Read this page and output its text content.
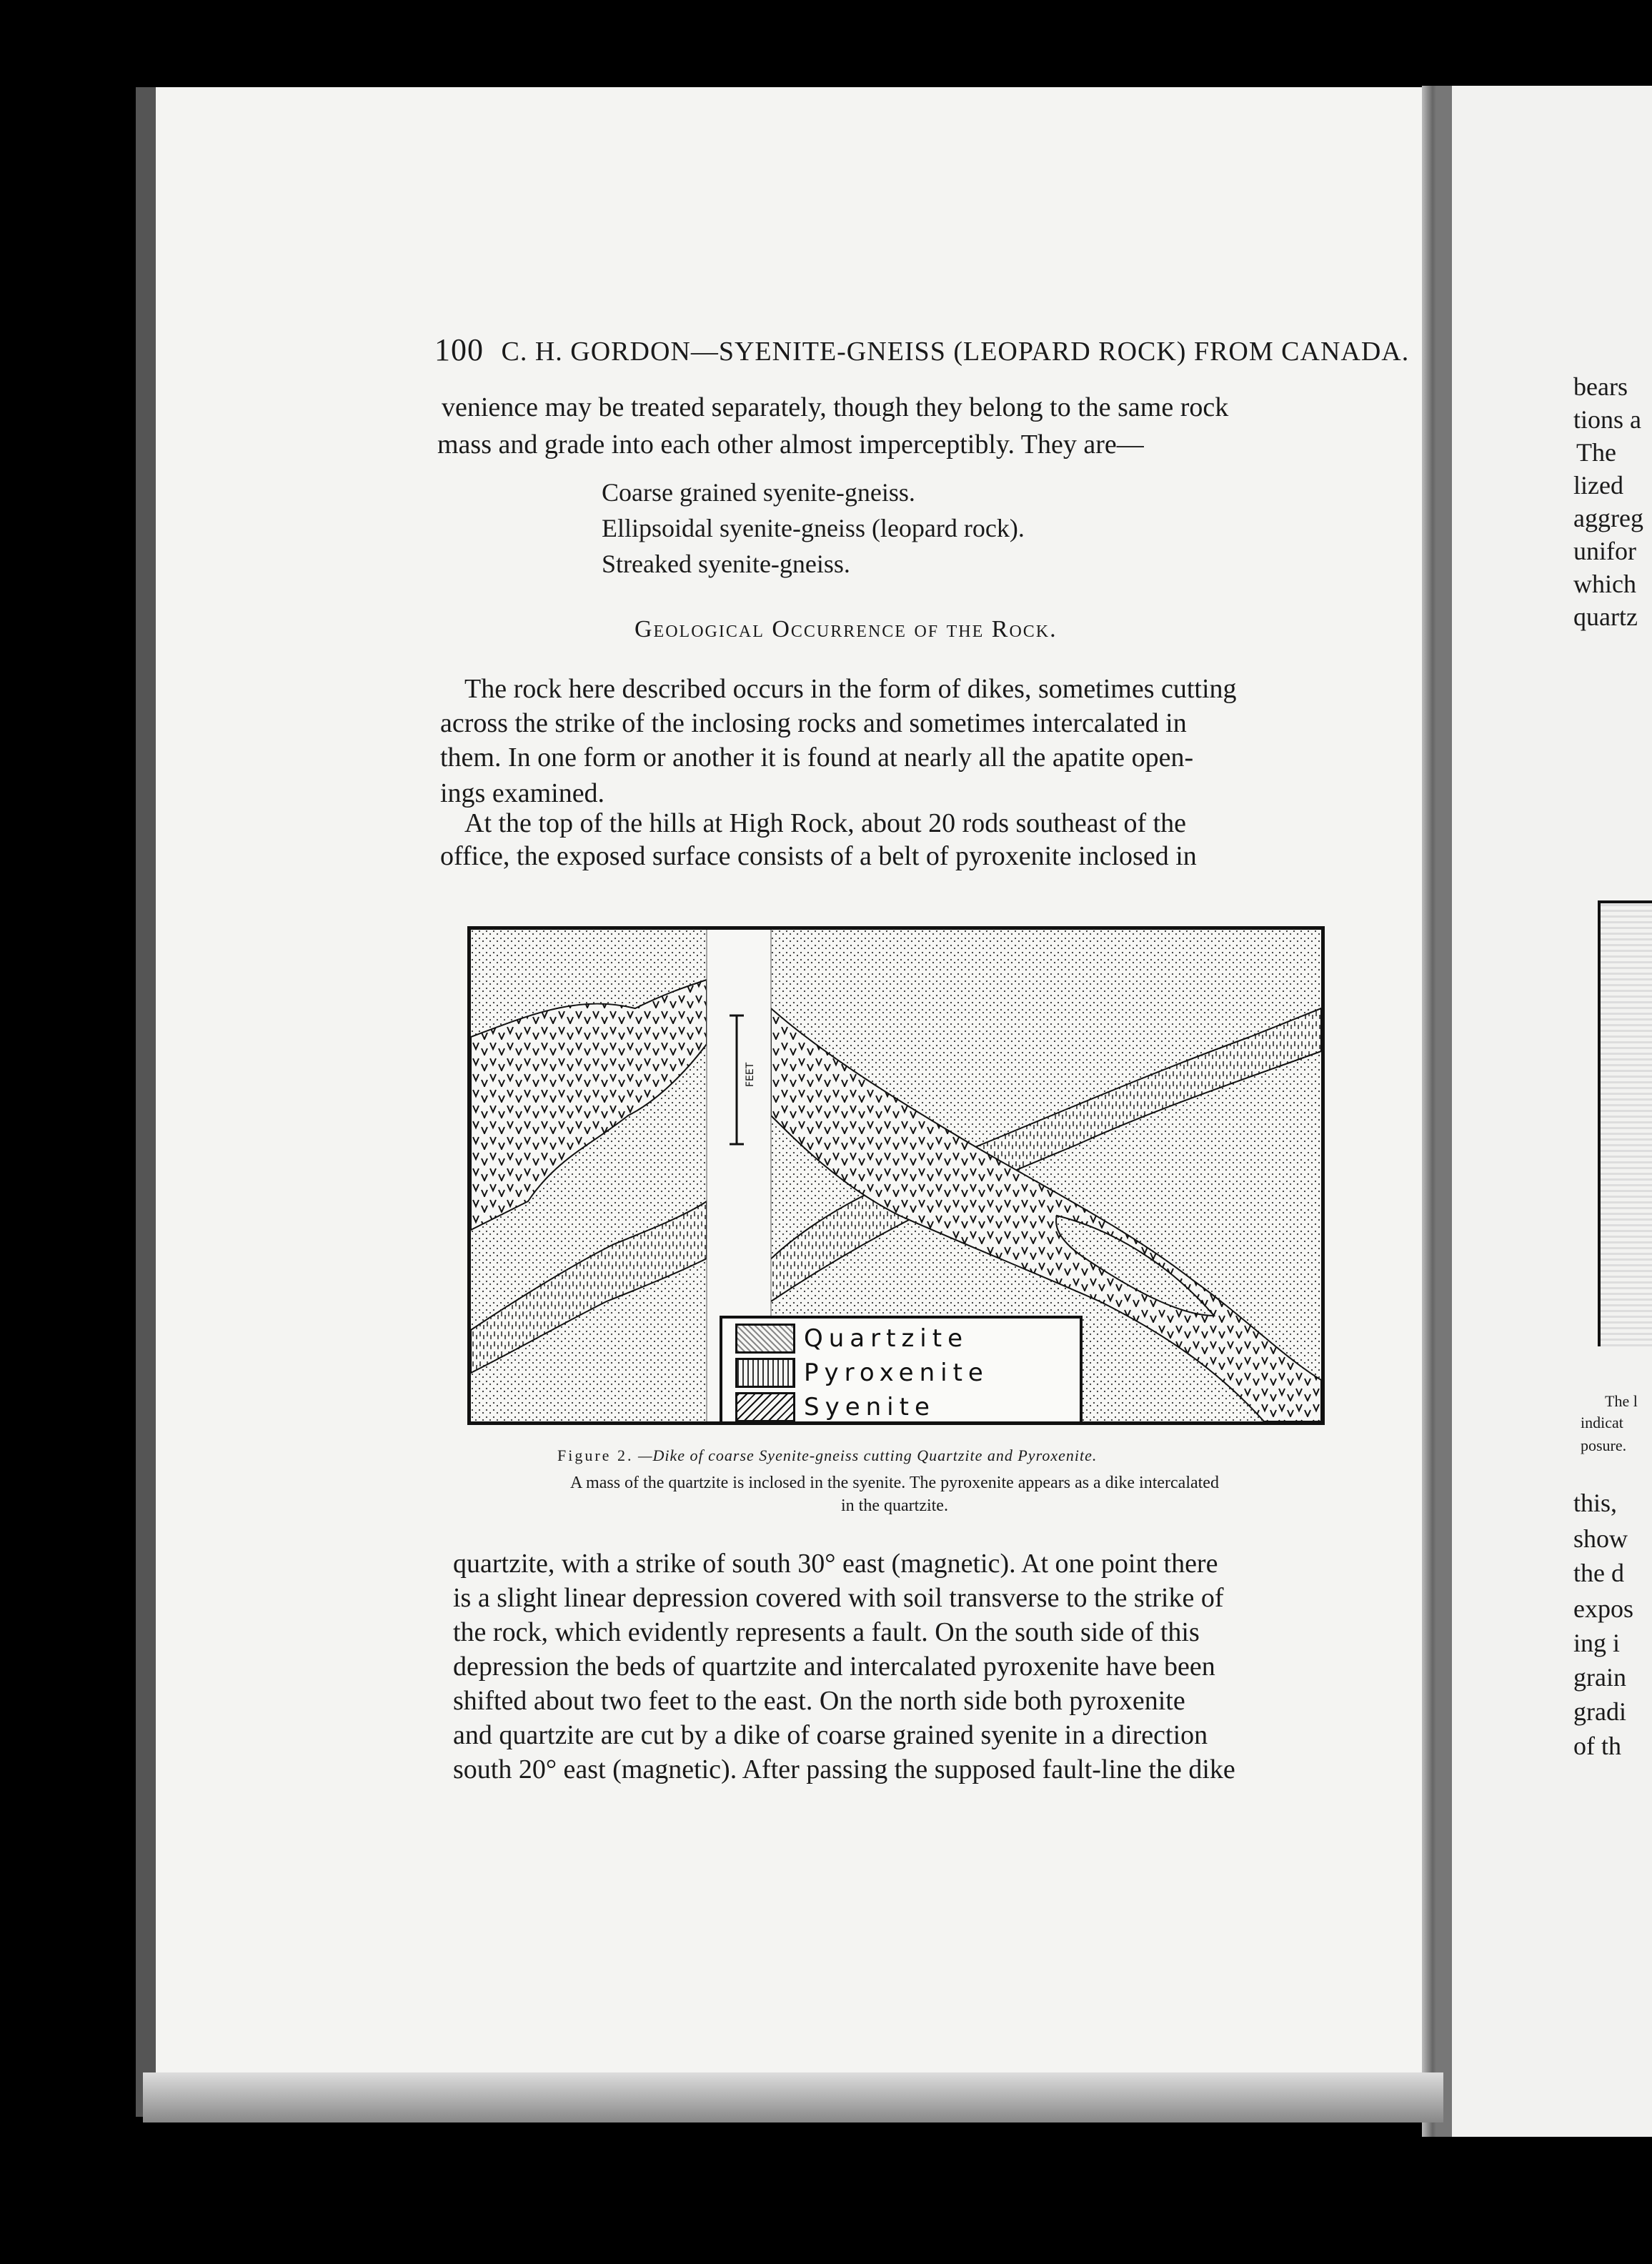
100 C. H. GORDON—SYENITE-GNEISS (LEOPARD ROCK) FROM CANADA.
venience may be treated separately, though they belong to the same rock
mass and grade into each other almost imperceptibly. They are—
Coarse grained syenite-gneiss.
Ellipsoidal syenite-gneiss (leopard rock).
Streaked syenite-gneiss.
Geological Occurrence of the Rock.
The rock here described occurs in the form of dikes, sometimes cutting
across the strike of the inclosing rocks and sometimes intercalated in
them. In one form or another it is found at nearly all the apatite open-
ings examined.
At the top of the hills at High Rock, about 20 rods southeast of the
office, the exposed surface consists of a belt of pyroxenite inclosed in
FEET
Quartzite
Pyroxenite
Syenite
Figure 2. —Dike of coarse Syenite-gneiss cutting Quartzite and Pyroxenite.
A mass of the quartzite is inclosed in the syenite. The pyroxenite appears as a dike intercalated
in the quartzite.
quartzite, with a strike of south 30° east (magnetic). At one point there
is a slight linear depression covered with soil transverse to the strike of
the rock, which evidently represents a fault. On the south side of this
depression the beds of quartzite and intercalated pyroxenite have been
shifted about two feet to the east. On the north side both pyroxenite
and quartzite are cut by a dike of coarse grained syenite in a direction
south 20° east (magnetic). After passing the supposed fault-line the dike
bears
tions a
The
lized
aggreg
unifor
which
quartz
The l
indicat
posure.
this,
show
the d
expos
ing i
grain
gradi
of th
